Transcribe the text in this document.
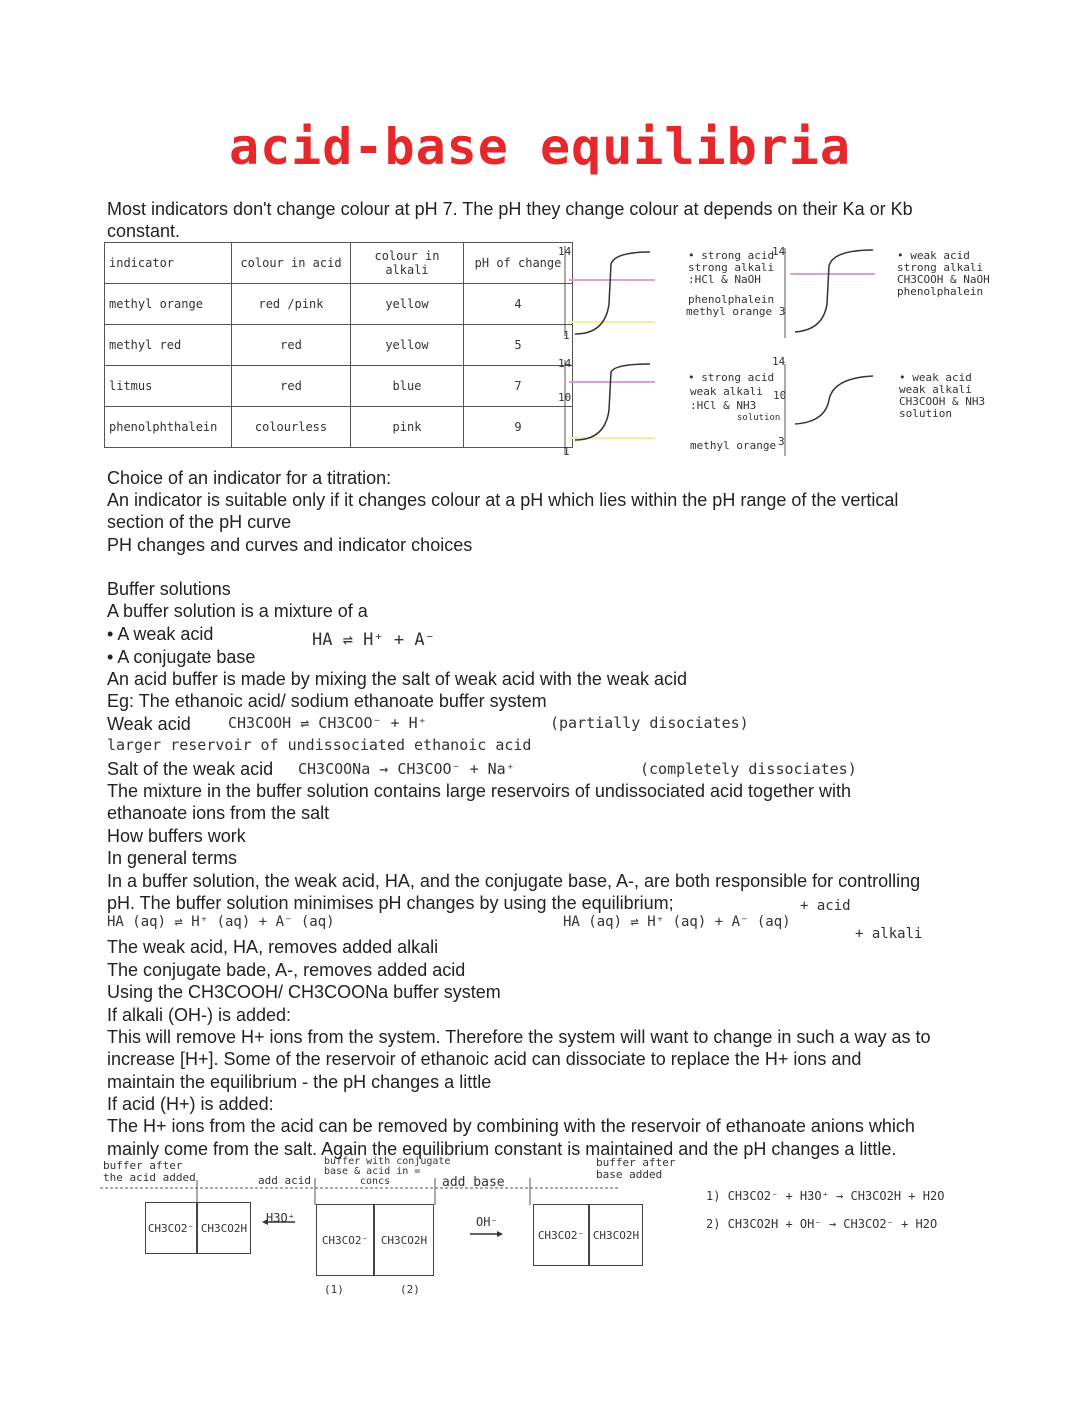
acid-base equilibria
Most indicators don't change colour at pH 7. The pH they change colour at depends on their Ka or Kb
constant.
indicator	colour in acid	colour in alkali	pH of change
methyl orange	red /pink	yellow	4
methyl red	red	yellow	5
litmus	red	blue	7
phenolphthalein	colourless	pink	9
14
1
14
10
1
• strong acid
strong alkali
:HCl & NaOH
phenolphalein
methyl orange 3
14	• weak acid
strong alkali
CH3COOH & NaOH
phenolphalein
• strong acid
weak alkali
:HCl & NH3
solution
methyl orange
14
10
3
• weak acid
weak alkali
CH3COOH & NH3
solution
Choice of an indicator for a titration:
An indicator is suitable only if it changes colour at a pH which lies within the pH range of the vertical
section of the pH curve
PH changes and curves and indicator choices
Buffer solutions
A buffer solution is a mixture of a
• A weak acid
• A conjugate base
HA ⇌ H⁺ + A⁻
An acid buffer is made by mixing the salt of weak acid with the weak acid
Eg: The ethanoic acid/ sodium ethanoate buffer system
Weak acid CH3COOH ⇌ CH3COO⁻ + H⁺	(partially disociates)
larger reservoir of undissociated ethanoic acid
Salt of the weak acid CH3COONa → CH3COO⁻ + Na⁺	(completely dissociates)
The mixture in the buffer solution contains large reservoirs of undissociated acid together with
ethanoate ions from the salt
How buffers work
In general terms
In a buffer solution, the weak acid, HA, and the conjugate base, A-, are both responsible for controlling
pH. The buffer solution minimises pH changes by using the equilibrium;	+ acid
HA (aq) ⇌ H⁺ (aq) + A⁻ (aq)	HA (aq) ⇌ H⁺ (aq) + A⁻ (aq)
+ alkali
The weak acid, HA, removes added alkali
The conjugate bade, A-, removes added acid
Using the CH3COOH/ CH3COONa buffer system
If alkali (OH-) is added:
This will remove H+ ions from the system. Therefore the system will want to change in such a way as to
increase [H+]. Some of the reservoir of ethanoic acid can dissociate to replace the H+ ions and
maintain the equilibrium - the pH changes a little
If acid (H+) is added:
The H+ ions from the acid can be removed by combining with the reservoir of ethanoate anions which
mainly come from the salt. Again the equilibrium constant is maintained and the pH changes a little.
buffer after
the acid added	add acid
buffer with conjugate
base & acid in =
concs	add base
buffer after
base added
CH3CO2⁻ CH3CO2H
H3O⁺
CH3CO2⁻	CH3CO2H
OH⁻
CH3CO2⁻ CH3CO2H
(1)	(2)
1) CH3CO2⁻ + H3O⁺ → CH3CO2H + H2O
2) CH3CO2H + OH⁻ → CH3CO2⁻ + H2O
